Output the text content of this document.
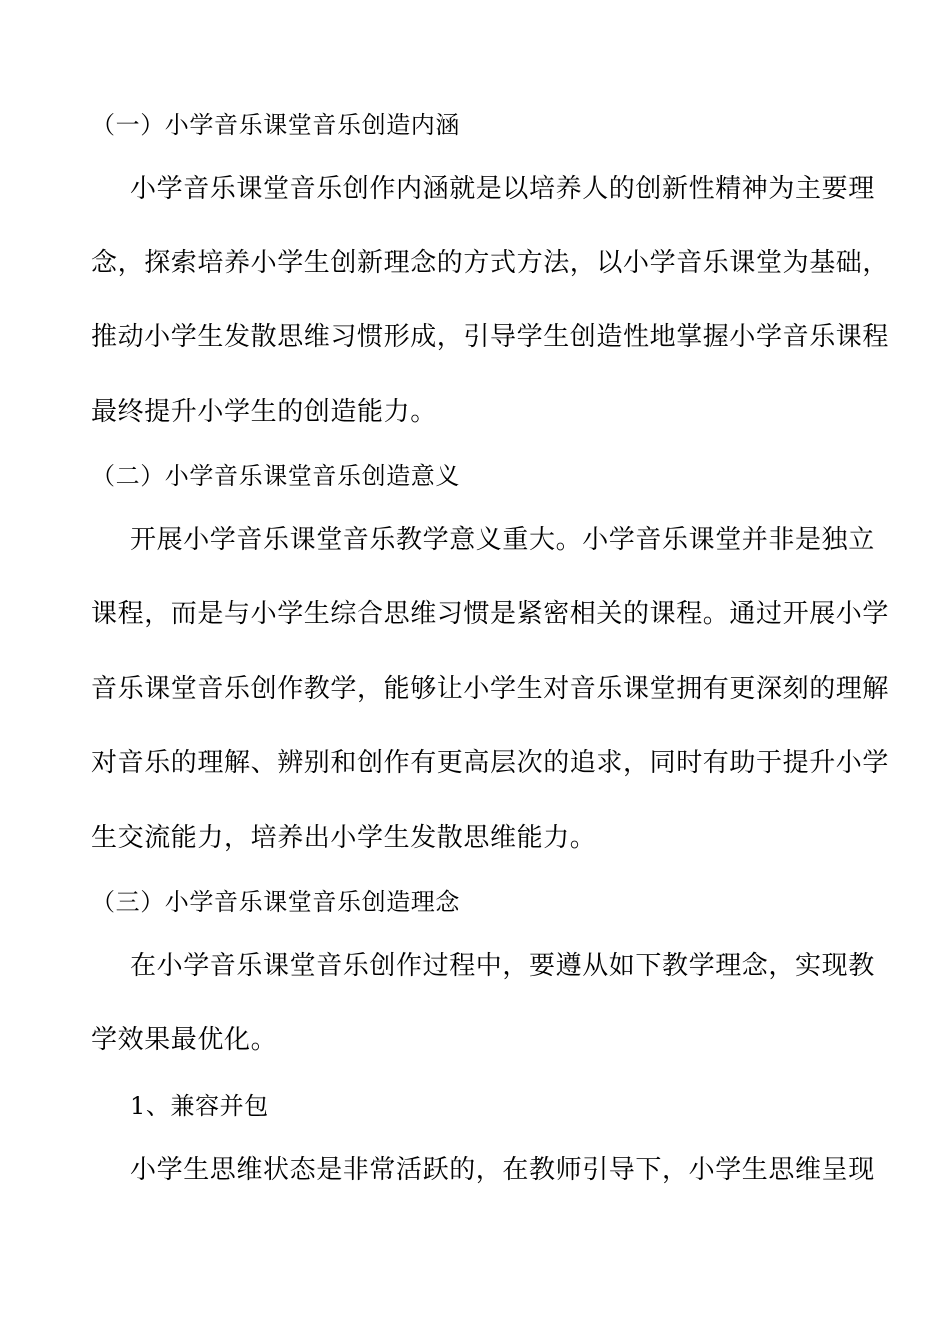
（一）小学音乐课堂音乐创造内涵
小学音乐课堂音乐创作内涵就是以培养人的创新性精神为主要理
念，探索培养小学生创新理念的方式方法，以小学音乐课堂为基础，
推动小学生发散思维习惯形成，引导学生创造性地掌握小学音乐课程
最终提升小学生的创造能力。
（二）小学音乐课堂音乐创造意义
开展小学音乐课堂音乐教学意义重大。小学音乐课堂并非是独立
课程，而是与小学生综合思维习惯是紧密相关的课程。通过开展小学
音乐课堂音乐创作教学，能够让小学生对音乐课堂拥有更深刻的理解
对音乐的理解、辨别和创作有更高层次的追求，同时有助于提升小学
生交流能力，培养出小学生发散思维能力。
（三）小学音乐课堂音乐创造理念
在小学音乐课堂音乐创作过程中，要遵从如下教学理念，实现教
学效果最优化。
1、兼容并包
小学生思维状态是非常活跃的，在教师引导下，小学生思维呈现
